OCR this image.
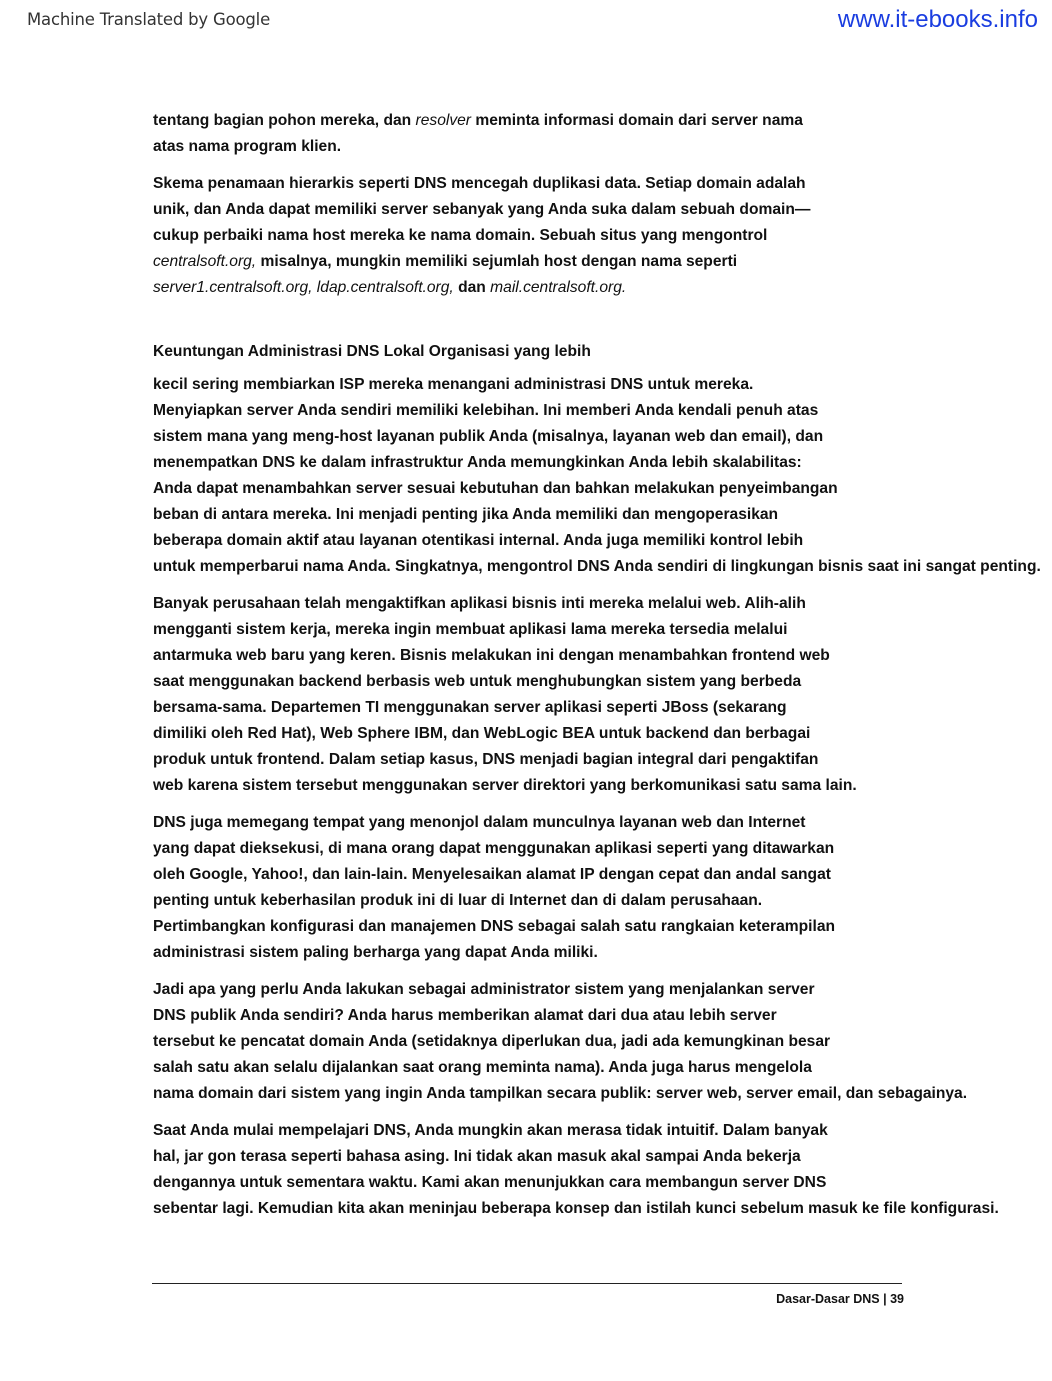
Machine Translated by Google	www.it-ebooks.info
tentang bagian pohon mereka, dan resolver meminta informasi domain dari server nama
atas nama program klien.
Skema penamaan hierarkis seperti DNS mencegah duplikasi data. Setiap domain adalah
unik, dan Anda dapat memiliki server sebanyak yang Anda suka dalam sebuah domain—
cukup perbaiki nama host mereka ke nama domain. Sebuah situs yang mengontrol
centralsoft.org, misalnya, mungkin memiliki sejumlah host dengan nama seperti
server1.centralsoft.org, ldap.centralsoft.org, dan mail.centralsoft.org.
Keuntungan Administrasi DNS Lokal Organisasi yang lebih
kecil sering membiarkan ISP mereka menangani administrasi DNS untuk mereka.
Menyiapkan server Anda sendiri memiliki kelebihan. Ini memberi Anda kendali penuh atas
sistem mana yang meng-host layanan publik Anda (misalnya, layanan web dan email), dan
menempatkan DNS ke dalam infrastruktur Anda memungkinkan Anda lebih skalabilitas:
Anda dapat menambahkan server sesuai kebutuhan dan bahkan melakukan penyeimbangan
beban di antara mereka. Ini menjadi penting jika Anda memiliki dan mengoperasikan
beberapa domain aktif atau layanan otentikasi internal. Anda juga memiliki kontrol lebih
untuk memperbarui nama Anda. Singkatnya, mengontrol DNS Anda sendiri di lingkungan bisnis saat ini sangat penting.
Banyak perusahaan telah mengaktifkan aplikasi bisnis inti mereka melalui web. Alih-alih
mengganti sistem kerja, mereka ingin membuat aplikasi lama mereka tersedia melalui
antarmuka web baru yang keren. Bisnis melakukan ini dengan menambahkan frontend web
saat menggunakan backend berbasis web untuk menghubungkan sistem yang berbeda
bersama-sama. Departemen TI menggunakan server aplikasi seperti JBoss (sekarang
dimiliki oleh Red Hat), Web Sphere IBM, dan WebLogic BEA untuk backend dan berbagai
produk untuk frontend. Dalam setiap kasus, DNS menjadi bagian integral dari pengaktifan
web karena sistem tersebut menggunakan server direktori yang berkomunikasi satu sama lain.
DNS juga memegang tempat yang menonjol dalam munculnya layanan web dan Internet
yang dapat dieksekusi, di mana orang dapat menggunakan aplikasi seperti yang ditawarkan
oleh Google, Yahoo!, dan lain-lain. Menyelesaikan alamat IP dengan cepat dan andal sangat
penting untuk keberhasilan produk ini di luar di Internet dan di dalam perusahaan.
Pertimbangkan konfigurasi dan manajemen DNS sebagai salah satu rangkaian keterampilan
administrasi sistem paling berharga yang dapat Anda miliki.
Jadi apa yang perlu Anda lakukan sebagai administrator sistem yang menjalankan server
DNS publik Anda sendiri? Anda harus memberikan alamat dari dua atau lebih server
tersebut ke pencatat domain Anda (setidaknya diperlukan dua, jadi ada kemungkinan besar
salah satu akan selalu dijalankan saat orang meminta nama). Anda juga harus mengelola
nama domain dari sistem yang ingin Anda tampilkan secara publik: server web, server email, dan sebagainya.
Saat Anda mulai mempelajari DNS, Anda mungkin akan merasa tidak intuitif. Dalam banyak
hal, jar gon terasa seperti bahasa asing. Ini tidak akan masuk akal sampai Anda bekerja
dengannya untuk sementara waktu. Kami akan menunjukkan cara membangun server DNS
sebentar lagi. Kemudian kita akan meninjau beberapa konsep dan istilah kunci sebelum masuk ke file konfigurasi.
Dasar-Dasar DNS | 39
